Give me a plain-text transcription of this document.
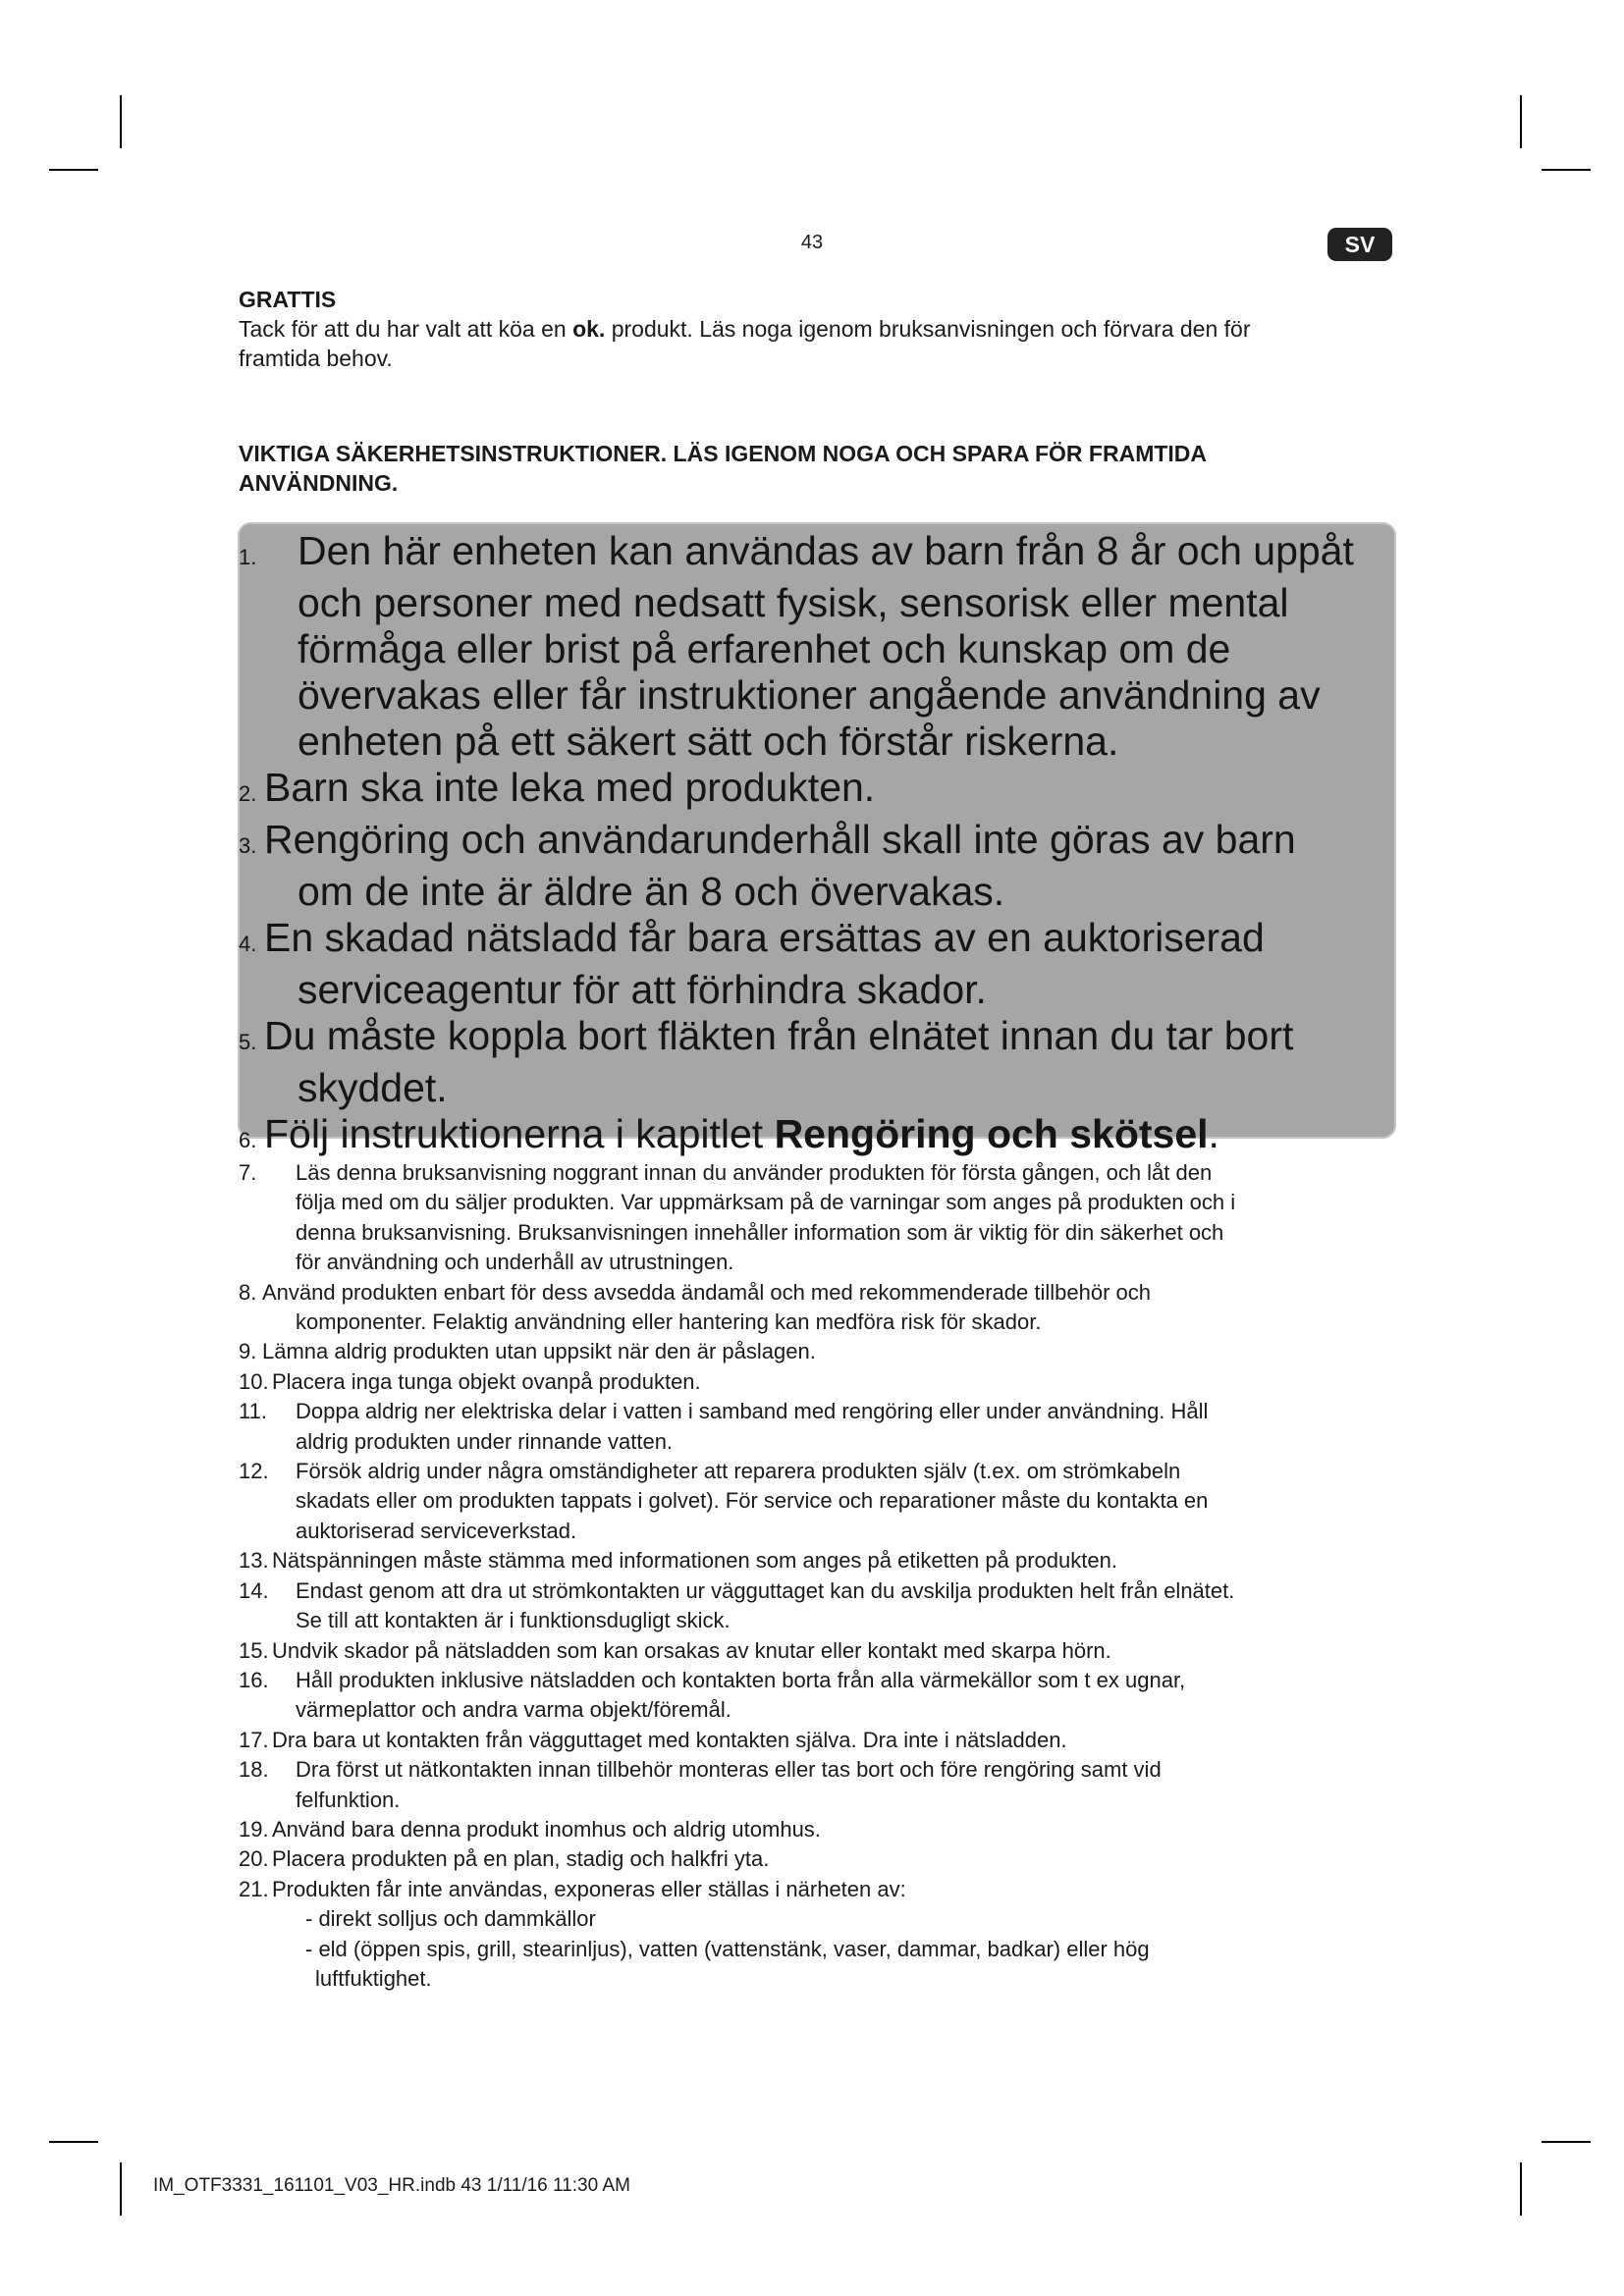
43	SV
GRATTIS
Tack för att du har valt att köa en ok. produkt. Läs noga igenom bruksanvisningen och förvara den för
framtida behov.
VIKTIGA SÄKERHETSINSTRUKTIONER. LÄS IGENOM NOGA OCH SPARA FÖR FRAMTIDA
ANVÄNDNING.
1. Den här enheten kan användas av barn från 8 år och uppåt
och personer med nedsatt fysisk, sensorisk eller mental
förmåga eller brist på erfarenhet och kunskap om de
övervakas eller får instruktioner angående användning av
enheten på ett säkert sätt och förstår riskerna.
2. Barn ska inte leka med produkten.
3. Rengöring och användarunderhåll skall inte göras av barn
om de inte är äldre än 8 och övervakas.
4. En skadad nätsladd får bara ersättas av en auktoriserad
serviceagentur för att förhindra skador.
5. Du måste koppla bort fläkten från elnätet innan du tar bort
skyddet.
6. Följ instruktionerna i kapitlet Rengöring och skötsel.
7. Läs denna bruksanvisning noggrant innan du använder produkten för första gången, och låt den
följa med om du säljer produkten. Var uppmärksam på de varningar som anges på produkten och i
denna bruksanvisning. Bruksanvisningen innehåller information som är viktig för din säkerhet och
för användning och underhåll av utrustningen.
8. Använd produkten enbart för dess avsedda ändamål och med rekommenderade tillbehör och
komponenter. Felaktig användning eller hantering kan medföra risk för skador.
9. Lämna aldrig produkten utan uppsikt när den är påslagen.
10. Placera inga tunga objekt ovanpå produkten.
11. Doppa aldrig ner elektriska delar i vatten i samband med rengöring eller under användning. Håll
aldrig produkten under rinnande vatten.
12. Försök aldrig under några omständigheter att reparera produkten själv (t.ex. om strömkabeln
skadats eller om produkten tappats i golvet). För service och reparationer måste du kontakta en
auktoriserad serviceverkstad.
13. Nätspänningen måste stämma med informationen som anges på etiketten på produkten.
14. Endast genom att dra ut strömkontakten ur vägguttaget kan du avskilja produkten helt från elnätet.
Se till att kontakten är i funktionsdugligt skick.
15. Undvik skador på nätsladden som kan orsakas av knutar eller kontakt med skarpa hörn.
16. Håll produkten inklusive nätsladden och kontakten borta från alla värmekällor som t ex ugnar,
värmeplattor och andra varma objekt/föremål.
17. Dra bara ut kontakten från vägguttaget med kontakten själva. Dra inte i nätsladden.
18. Dra först ut nätkontakten innan tillbehör monteras eller tas bort och före rengöring samt vid
felfunktion.
19. Använd bara denna produkt inomhus och aldrig utomhus.
20. Placera produkten på en plan, stadig och halkfri yta.
21. Produkten får inte användas, exponeras eller ställas i närheten av:
- direkt solljus och dammkällor
- eld (öppen spis, grill, stearinljus), vatten (vattenstänk, vaser, dammar, badkar) eller hög
luftfuktighet.
IM_OTF3331_161101_V03_HR.indb 43 1/11/16 11:30 AM
